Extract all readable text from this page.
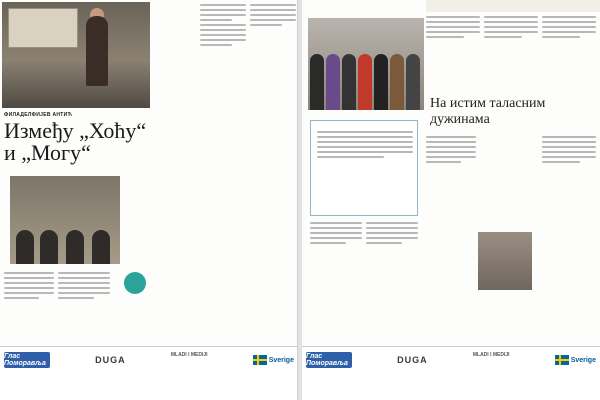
ФИЛАДЕЛФИЈЕВ АНТИЋ
Између „Хоћу“ и „Могу“
Глас Поморавља	DUGA	MLADI I MEDIJI
Sverige
На истим таласним дужинама
Глас Поморавља	DUGA	MLADI I MEDIJI
Sverige
